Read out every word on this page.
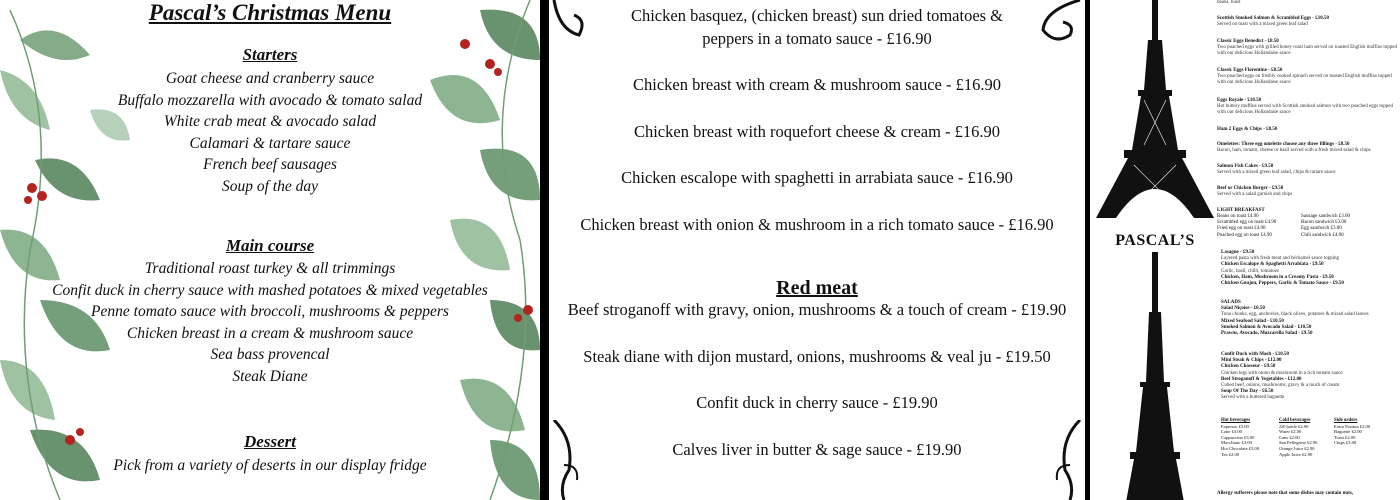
Pascal’s Christmas Menu
Starters
Goat cheese and cranberry sauce
Buffalo mozzarella with avocado & tomato salad
White crab meat & avocado salad
Calamari & tartare sauce
French beef sausages
Soup of the day
Main course
Traditional roast turkey & all trimmings
Confit duck in cherry sauce with mashed potatoes & mixed vegetables
Penne tomato sauce with broccoli, mushrooms & peppers
Chicken breast in a cream & mushroom sauce
Sea bass provencal
Steak Diane
Dessert
Pick from a variety of deserts in our display fridge
Chicken basquez, (chicken breast) sun dried tomatoes &
peppers in a tomato sauce - £16.90
Chicken breast with cream & mushroom sauce - £16.90
Chicken breast with roquefort cheese & cream - £16.90
Chicken escalope with spaghetti in arrabiata sauce - £16.90
Chicken breast with onion & mushroom in a rich tomato sauce - £16.90
Red meat
Beef stroganoff with gravy, onion, mushrooms & a touch of cream - £19.90
Steak diane with dijon mustard, onions, mushrooms & veal ju - £19.50
Confit duck in cherry sauce - £19.90
Calves liver in butter & sage sauce - £19.90
PASCAL’S
beans, toast
Scottish Smoked Salmon & Scrambled Eggs - £10.50
Served on toast with a mixed green leaf salad
Classic Eggs Benedict - £8.50
Two poached eggs with grilled honey roast ham served on toasted English muffins topped with our delicious Hollandaise sauce
Classic Eggs Florentine - £8.50
Two poached eggs on freshly cooked spinach served on toasted English muffins topped with our delicious Hollandaise sauce
Eggs Royale - £10.50
Hot buttery muffins served with Scottish smoked salmon with two poached eggs topped with our delicious Hollandaise sauce
Ham 2 Eggs & Chips - £8.50
Omelettes: Three egg omelette choose any three fillings - £8.50
Bacon, ham, tomato, cheese or basil served with a fresh mixed salad & chips
Salmon Fish Cakes - £9.50
Served with a mixed green leaf salad, chips & tartare sauce
Beef or Chicken Burger - £9.50
Served with a salad garnish and chips
LIGHT BREAKFAST
Beans on toast £4.90
Scrambled egg on toast £4.90
Fried egg on toast £4.90
Poached egg on toast £4.90
Sausage sandwich £3.00
Bacon sandwich £3.00
Egg sandwich £3.00
Chili sandwich £4.90
Lasagne - £9.50
Layered pasta with fresh meat and béchamel sauce topping
Chicken Escalope & Spaghetti Arrabiata - £9.50
Garlic, basil, chilli, tomatoes
Chicken, Ham, Mushroom in a Creamy Pasta - £9.50
Chicken Goujon, Peppers, Garlic & Tomato Sauce - £9.50
SALADS
Salad Niçoise - £8.50
Tuna chunks, egg, anchovies, black olives, potatoes & mixed salad leaves
Mixed Seafood Salad - £10.50
Smoked Salmon & Avocado Salad - £10.50
Prawns, Avocado, Mozzarella Salad - £9.50
Confit Duck with Mash - £10.50
Mini Steak & Chips - £12.00
Chicken Chasseur - £9.50
Chicken legs with onion & mushroom in a rich tomato sauce
Beef Stroganoff & Vegetables - £12.00
Cubed beef, onions, mushrooms, gravy & a touch of cream
Soup Of The Day - £6.50
Served with a buttered baguette
Hot beverages
Espresso £3.00
Latte £3.00
Cappuccino £3.00
Macchiato £3.00
Hot Chocolate £3.00
Tea £2.00
Cold beverages
J20 bottle £2.90
Water £2.00
Cans £2.00
San Pellegrino £2.90
Orange Juice £2.90
Apple Juice £2.90
Side orders
Extra Portion £2.00
Baguette £2.00
Toast £2.00
Chips £3.00
Allergy sufferers please note that some dishes may contain nuts,
